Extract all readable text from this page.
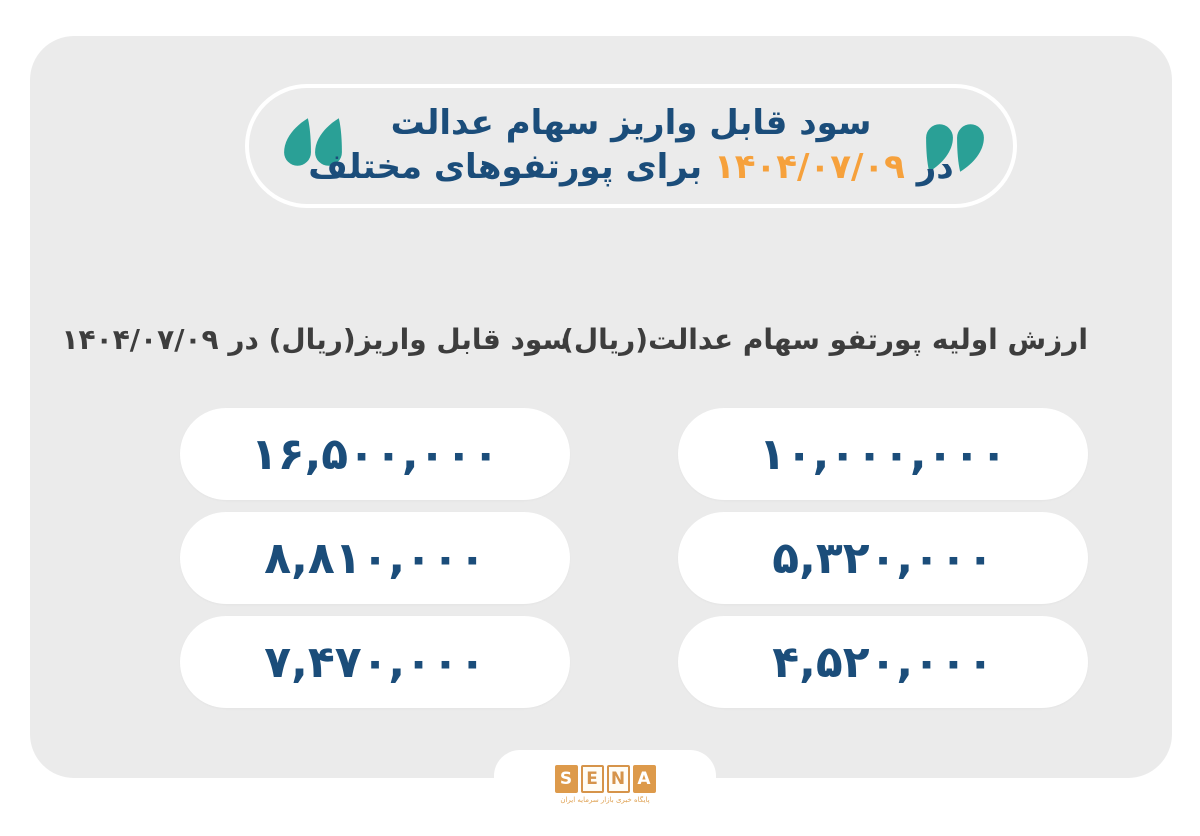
سود قابل واریز سهام عدالت
در ۱۴۰۴/۰۷/۰۹ برای پورتفوهای مختلف
سود قابل واریز(ریال) در ۱۴۰۴/۰۷/۰۹
۱۶,۵۰۰,۰۰۰
۸,۸۱۰,۰۰۰
۷,۴۷۰,۰۰۰
ارزش اولیه پورتفو سهام عدالت(ریال)
۱۰,۰۰۰,۰۰۰
۵,۳۲۰,۰۰۰
۴,۵۲۰,۰۰۰
S E N A
پایگاه خبری بازار سرمایه ایران
